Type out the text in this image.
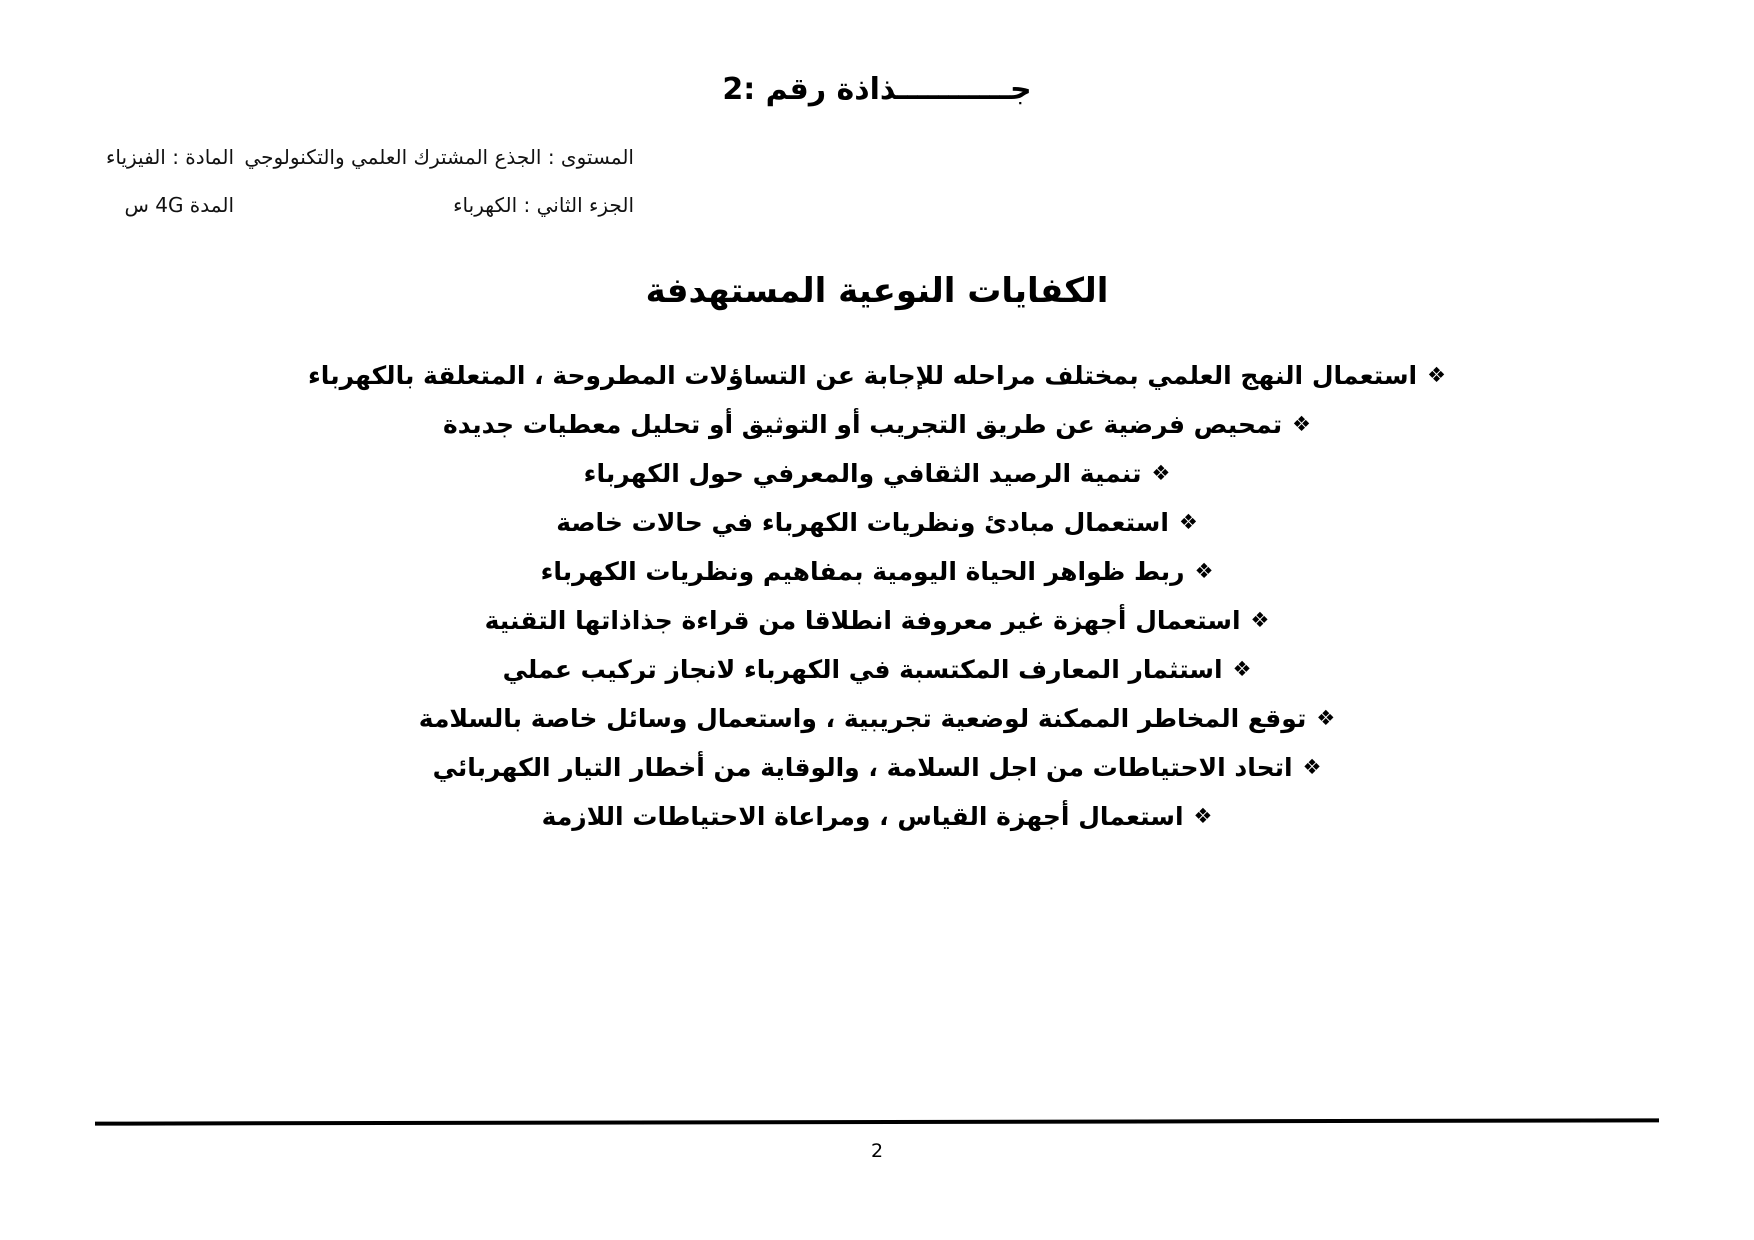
جـــــــــــذاذة رقم :2
المستوى : الجذع المشترك العلمي والتكنولوجي
الجزء الثاني : الكهرباء
المادة : الفيزياء
المدة 4G س
الكفايات النوعية المستهدفة
❖استعمال النهج العلمي بمختلف مراحله للإجابة عن التساؤلات المطروحة ، المتعلقة بالكهرباء
❖تمحيص فرضية عن طريق التجريب أو التوثيق أو تحليل معطيات جديدة
❖تنمية الرصيد الثقافي والمعرفي حول الكهرباء
❖استعمال مبادئ ونظريات الكهرباء في حالات خاصة
❖ربط ظواهر الحياة اليومية بمفاهيم ونظريات الكهرباء
❖استعمال أجهزة غير معروفة انطلاقا من قراءة جذاذاتها التقنية
❖استثمار المعارف المكتسبة في الكهرباء لانجاز تركيب عملي
❖توقع المخاطر الممكنة لوضعية تجريبية ، واستعمال وسائل خاصة بالسلامة
❖اتحاد الاحتياطات من اجل السلامة ، والوقاية من أخطار التيار الكهربائي
❖استعمال أجهزة القياس ، ومراعاة الاحتياطات اللازمة
2
